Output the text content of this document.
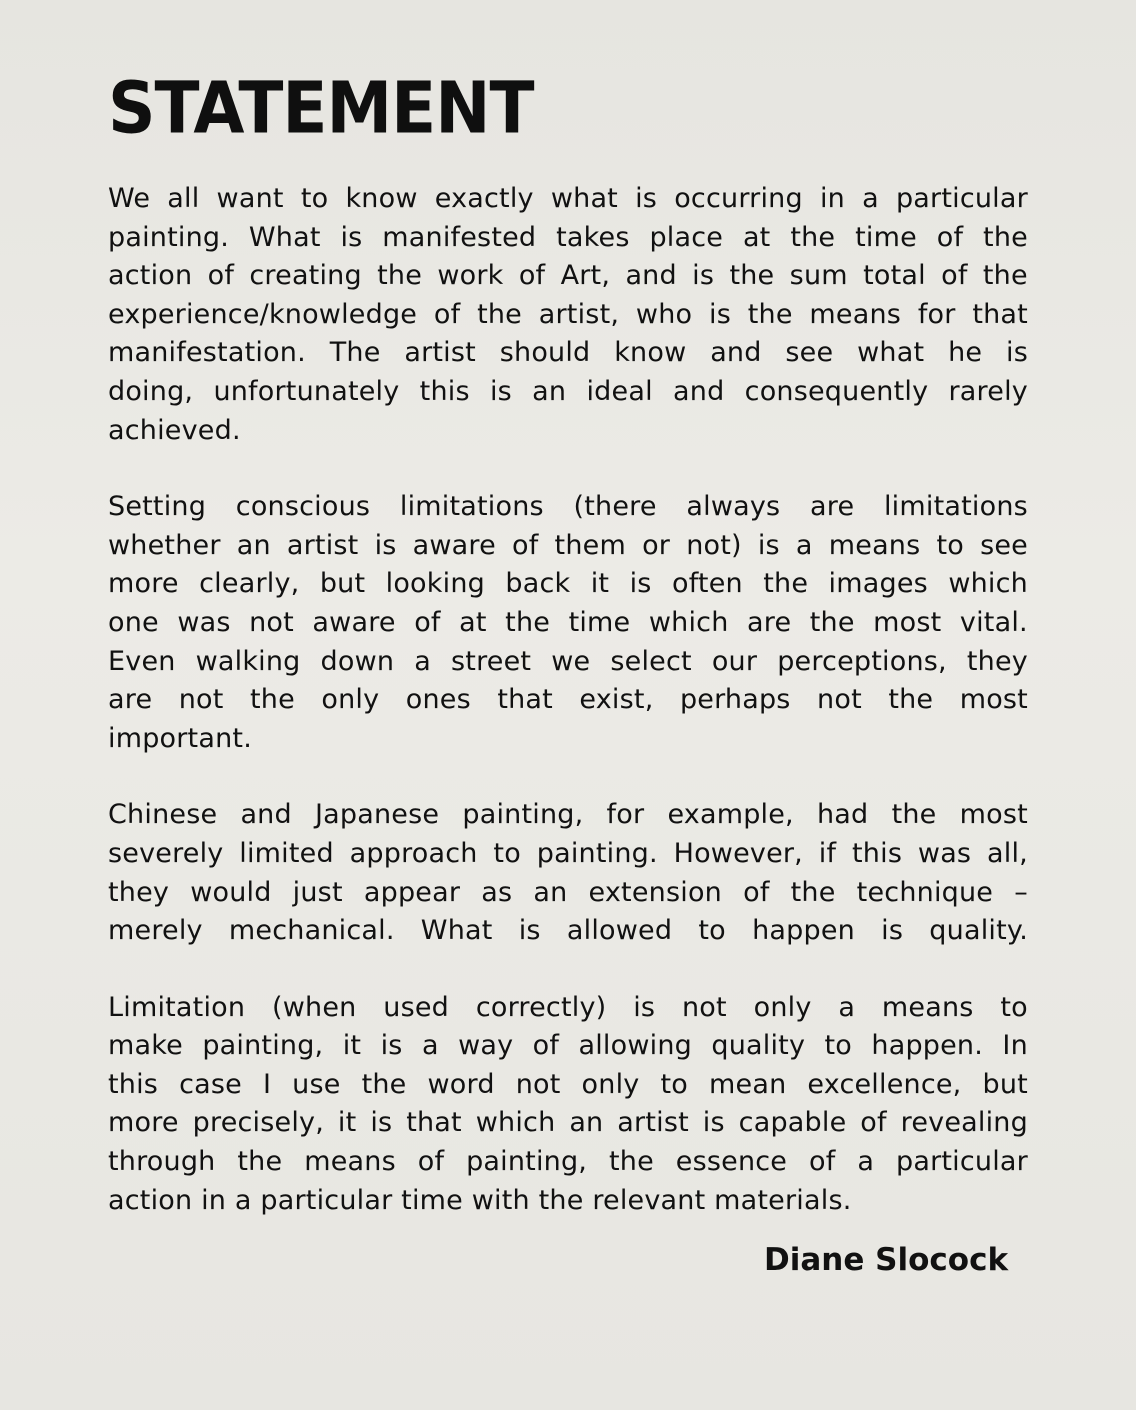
STATEMENT
We all want to know exactly what is occurring in a particular
painting. What is manifested takes place at the time of the
action of creating the work of Art, and is the sum total of the
experience/knowledge of the artist, who is the means for that
manifestation. The artist should know and see what he is
doing, unfortunately this is an ideal and consequently rarely
achieved.
Setting conscious limitations (there always are limitations
whether an artist is aware of them or not) is a means to see
more clearly, but looking back it is often the images which
one was not aware of at the time which are the most vital.
Even walking down a street we select our perceptions, they
are not the only ones that exist, perhaps not the most
important.
Chinese and Japanese painting, for example, had the most
severely limited approach to painting. However, if this was all,
they would just appear as an extension of the technique –
merely mechanical. What is allowed to happen is quality.
Limitation (when used correctly) is not only a means to
make painting, it is a way of allowing quality to happen. In
this case I use the word not only to mean excellence, but
more precisely, it is that which an artist is capable of revealing
through the means of painting, the essence of a particular
action in a particular time with the relevant materials.
Diane Slocock
